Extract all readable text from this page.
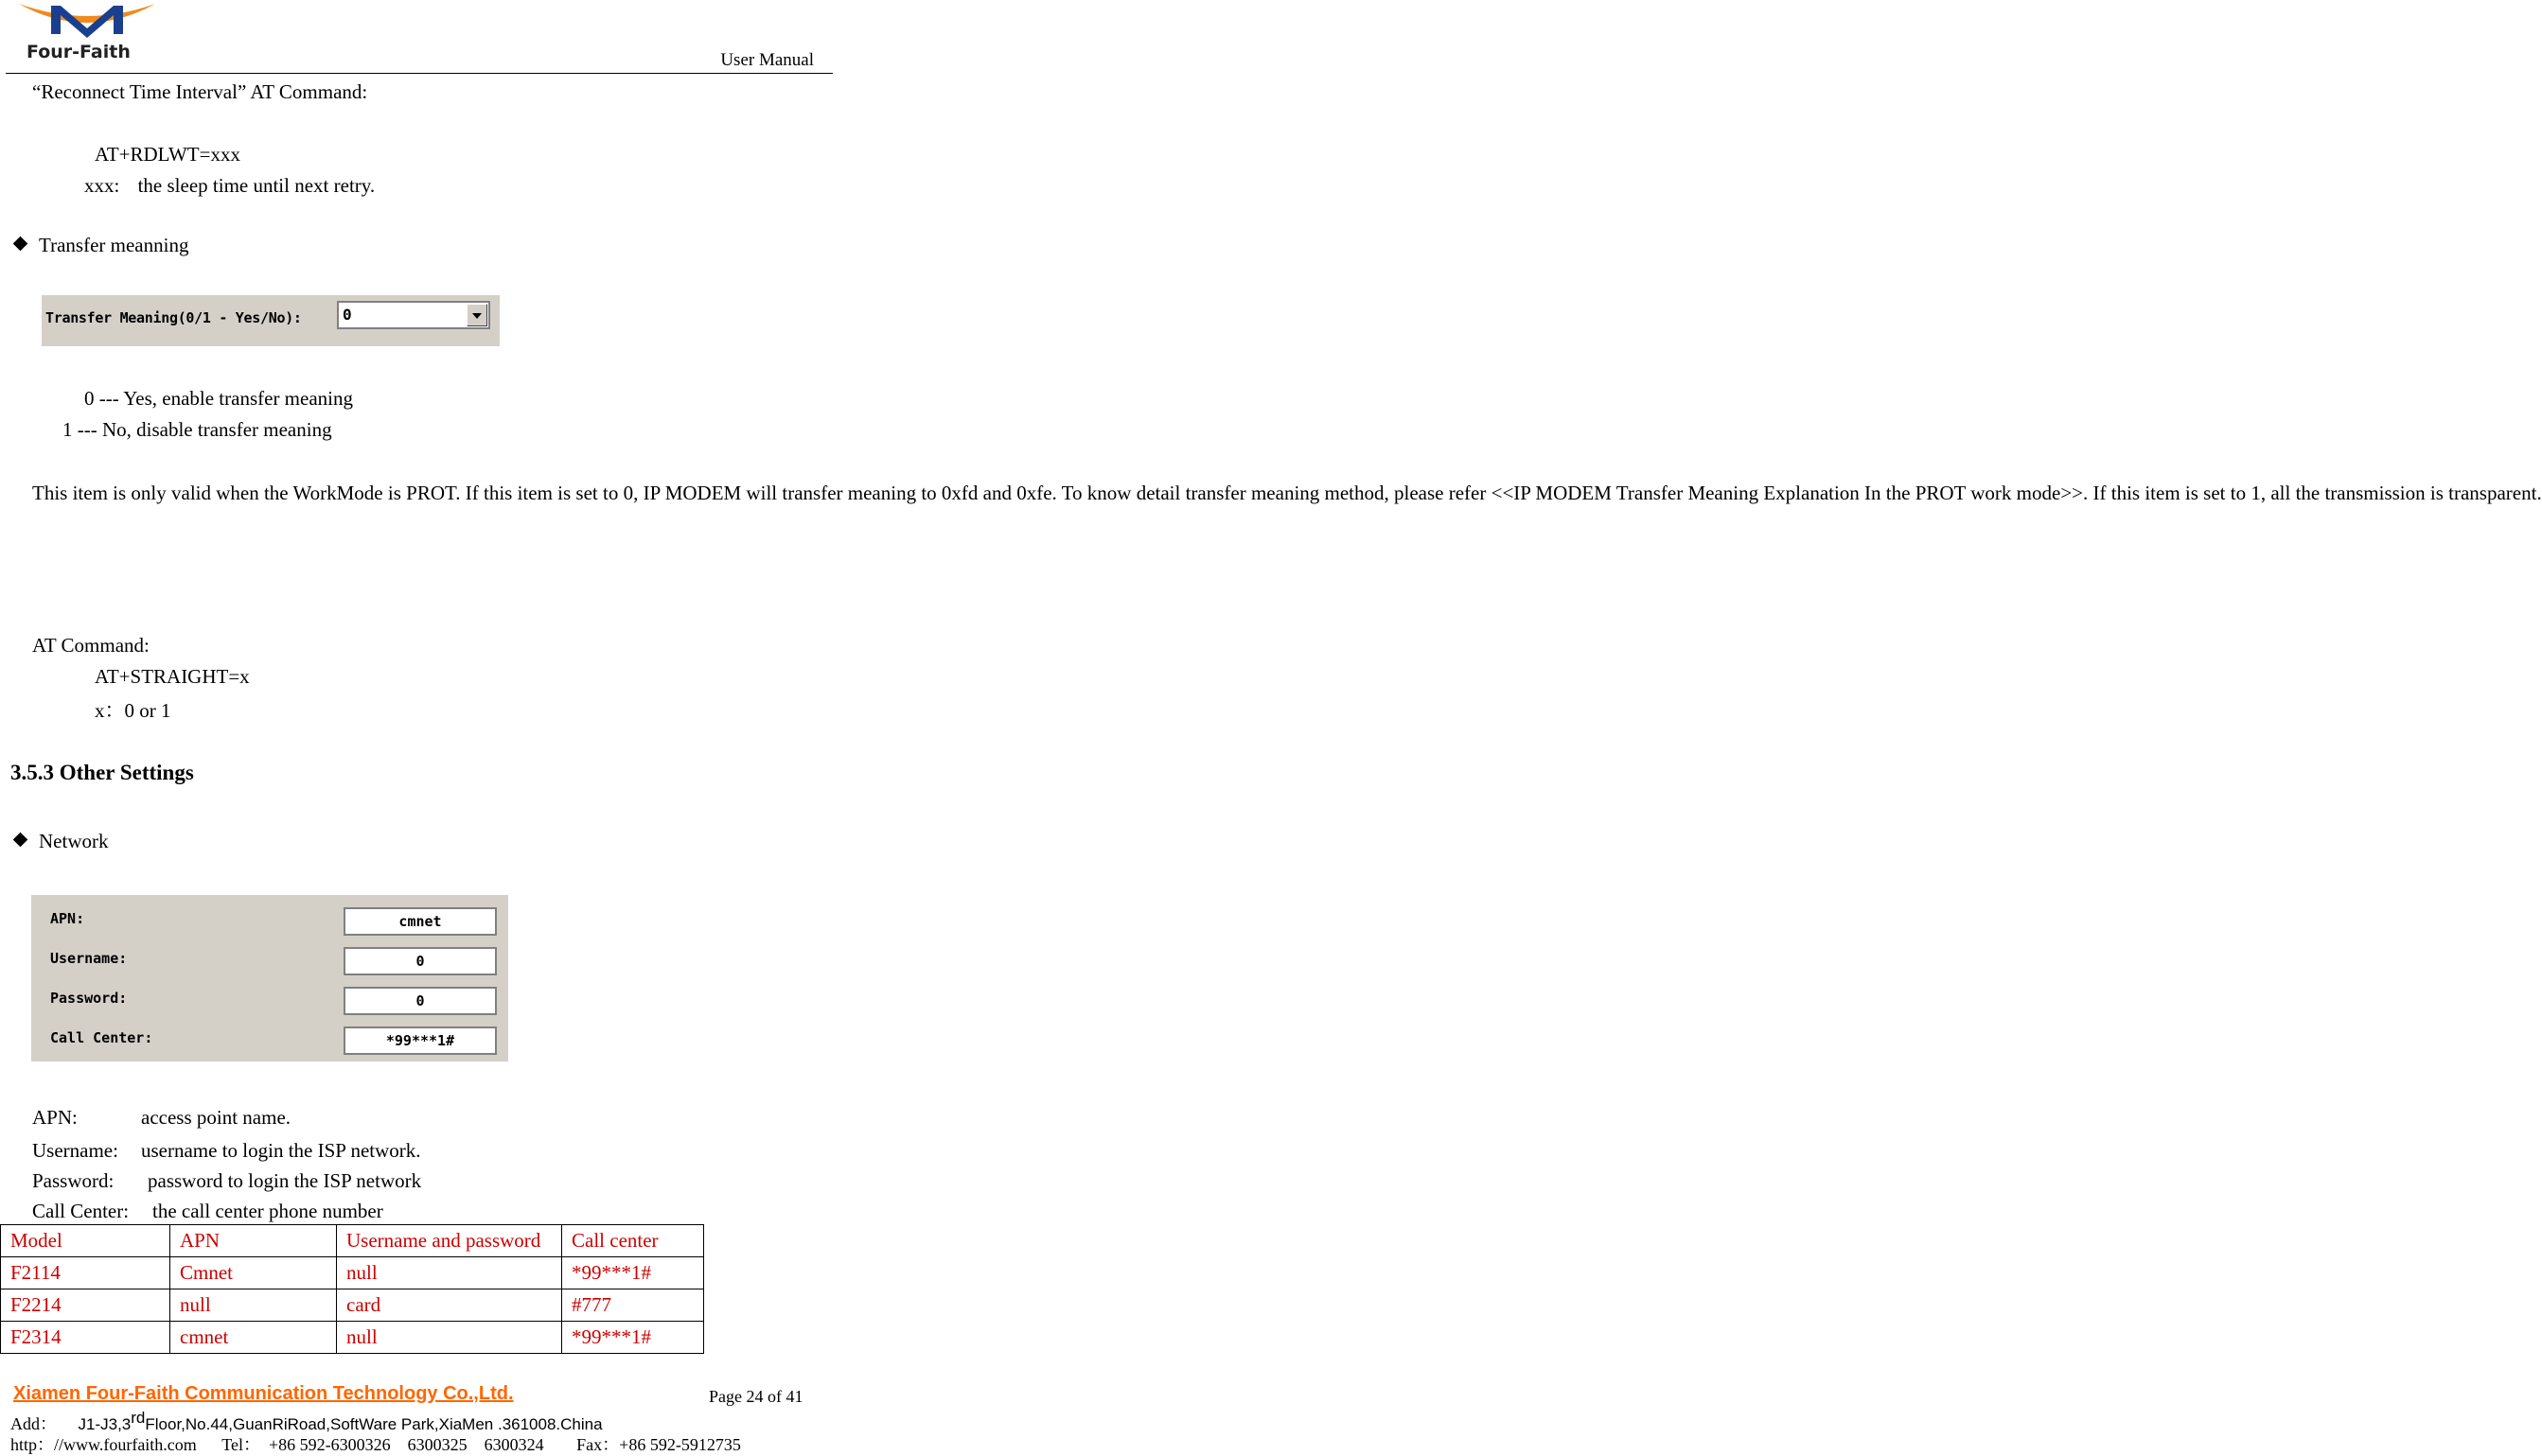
Four-Faith	User Manual
“Reconnect Time Interval” AT Command:
AT+RDLWT=xxx
xxx: the sleep time until next retry.
Transfer meanning
Transfer Meaning(0/1 - Yes/No):	0
0 --- Yes, enable transfer meaning
1 --- No, disable transfer meaning

This item is only valid when the WorkMode is PROT. If this item is set to 0, IP MODEM will transfer meaning to 0xfd and 0xfe. To know detail transfer meaning method, please refer <<IP MODEM Transfer Meaning Explanation In the PROT work mode>>. If this item is set to 1, all the transmission is transparent.

AT Command:
AT+STRAIGHT=x
x：0 or 1
3.5.3 Other Settings
Network
APN:	cmnet
Username:	0
Password:	0
Call Center:	*99***1#
APN:	access point name.
Username: username to login the ISP network.
Password: password to login the ISP network
Call Center: the call center phone number
Model	APN	Username and password	Call center
F2114	Cmnet	null	*99***1#
F2214	null	card	#777
F2314	cmnet	null	*99***1#
Xiamen Four-Faith Communication Technology Co.,Ltd.	Page 24 of 41
Add： J1-J3,3rdFloor,No.44,GuanRiRoad,SoftWare Park,XiaMen .361008.China
http：//www.fourfaith.com Tel：  +86 592-6300326    6300325    6300324 Fax：+86 592-5912735
